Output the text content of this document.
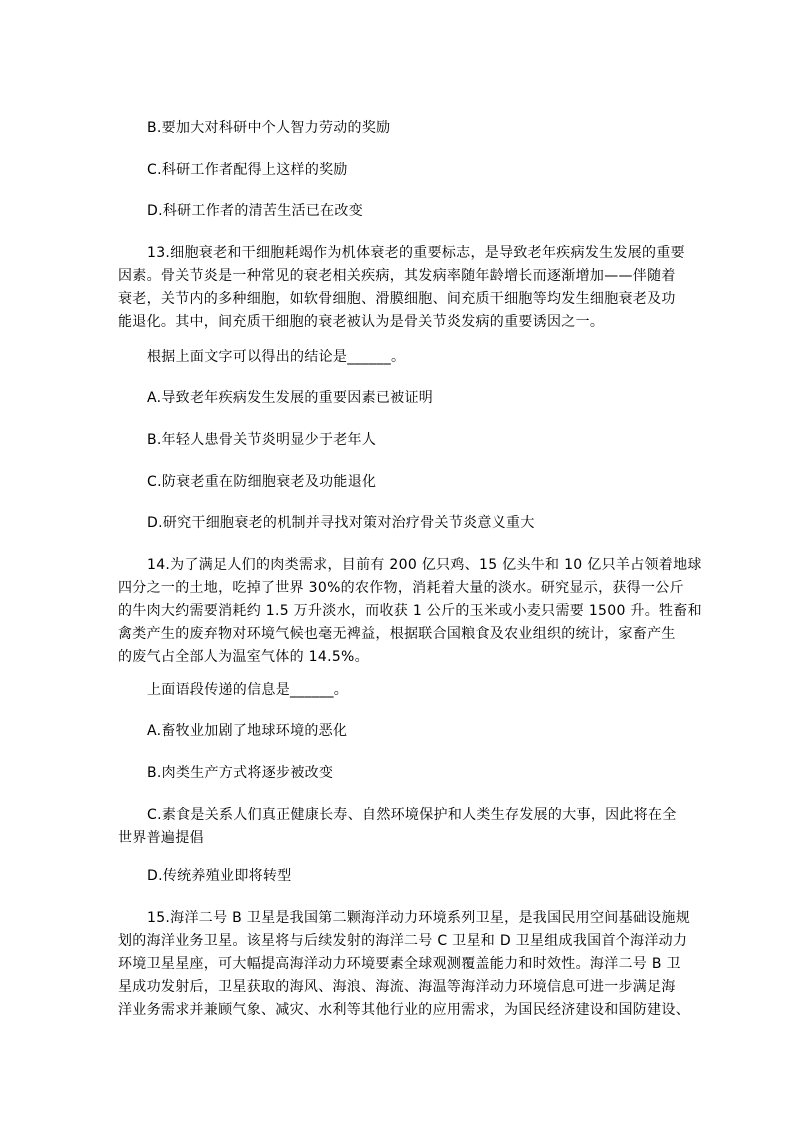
B.要加大对科研中个人智力劳动的奖励
C.科研工作者配得上这样的奖励
D.科研工作者的清苦生活已在改变
13.细胞衰老和干细胞耗竭作为机体衰老的重要标志，是导致老年疾病发生发展的重要
因素。骨关节炎是一种常见的衰老相关疾病，其发病率随年龄增长而逐渐增加——伴随着
衰老，关节内的多种细胞，如软骨细胞、滑膜细胞、间充质干细胞等均发生细胞衰老及功
能退化。其中，间充质干细胞的衰老被认为是骨关节炎发病的重要诱因之一。
根据上面文字可以得出的结论是______。
A.导致老年疾病发生发展的重要因素已被证明
B.年轻人患骨关节炎明显少于老年人
C.防衰老重在防细胞衰老及功能退化
D.研究干细胞衰老的机制并寻找对策对治疗骨关节炎意义重大
14.为了满足人们的肉类需求，目前有 200 亿只鸡、15 亿头牛和 10 亿只羊占领着地球
四分之一的土地，吃掉了世界 30%的农作物，消耗着大量的淡水。研究显示，获得一公斤
的牛肉大约需要消耗约 1.5 万升淡水，而收获 1 公斤的玉米或小麦只需要 1500 升。牲畜和
禽类产生的废弃物对环境气候也毫无裨益，根据联合国粮食及农业组织的统计，家畜产生
的废气占全部人为温室气体的 14.5%。
上面语段传递的信息是______。
A.畜牧业加剧了地球环境的恶化
B.肉类生产方式将逐步被改变
C.素食是关系人们真正健康长寿、自然环境保护和人类生存发展的大事，因此将在全
世界普遍提倡
D.传统养殖业即将转型
15.海洋二号 B 卫星是我国第二颗海洋动力环境系列卫星，是我国民用空间基础设施规
划的海洋业务卫星。该星将与后续发射的海洋二号 C 卫星和 D 卫星组成我国首个海洋动力
环境卫星星座，可大幅提高海洋动力环境要素全球观测覆盖能力和时效性。海洋二号 B 卫
星成功发射后，卫星获取的海风、海浪、海流、海温等海洋动力环境信息可进一步满足海
洋业务需求并兼顾气象、减灾、水利等其他行业的应用需求，为国民经济建设和国防建设、
